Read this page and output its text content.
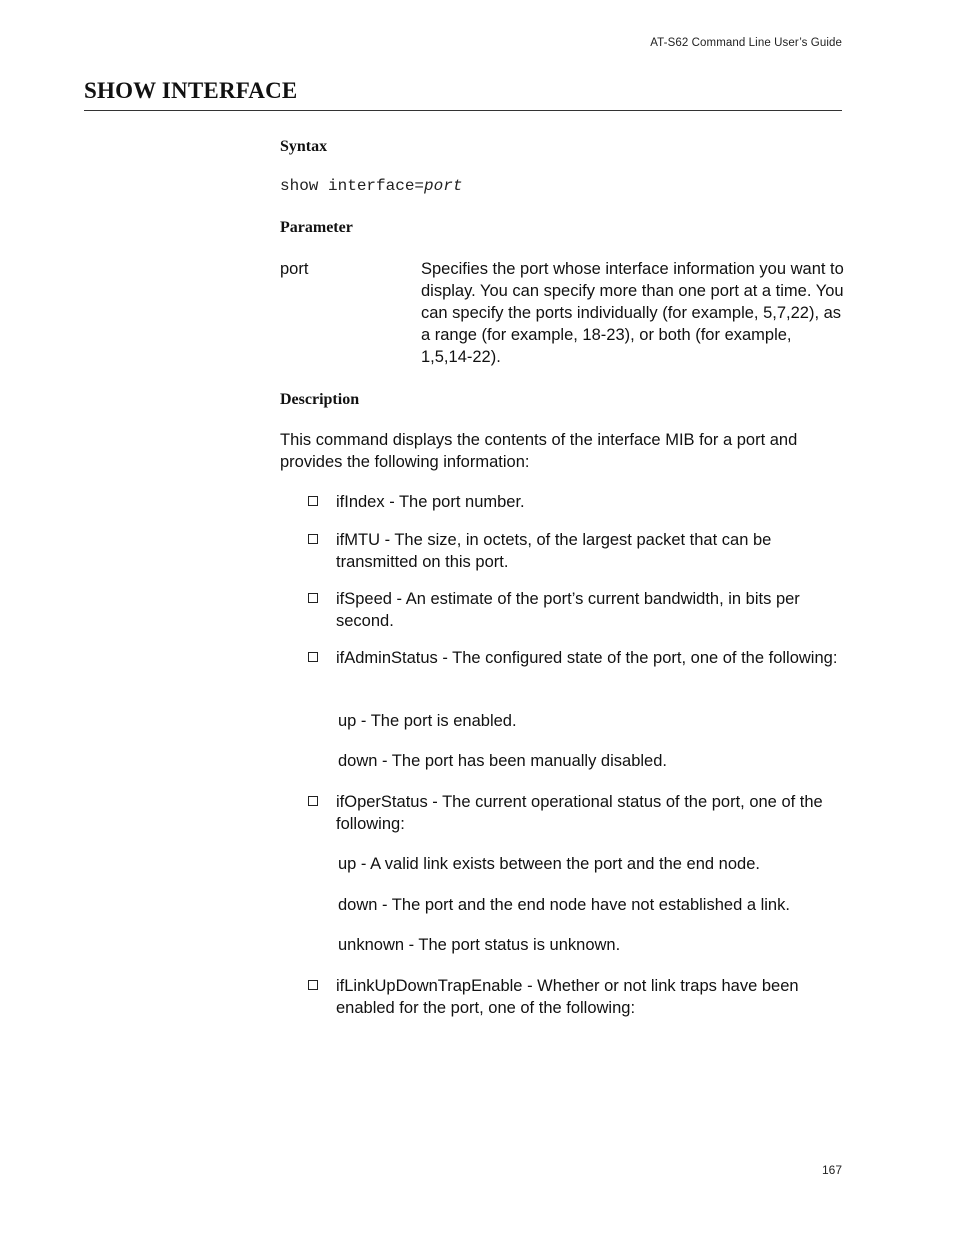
AT-S62 Command Line User’s Guide
SHOW INTERFACE
Syntax
show interface=port
Parameter
port	Specifies the port whose interface information you want to display. You can specify more than one port at a time. You can specify the ports individually (for example, 5,7,22), as a range (for example, 18-23), or both (for example, 1,5,14-22).
Description
This command displays the contents of the interface MIB for a port and provides the following information:
ifIndex - The port number.
ifMTU - The size, in octets, of the largest packet that can be transmitted on this port.
ifSpeed - An estimate of the port’s current bandwidth, in bits per second.
ifAdminStatus - The configured state of the port, one of the following:
up - The port is enabled.
down - The port has been manually disabled.
ifOperStatus - The current operational status of the port, one of the following:
up - A valid link exists between the port and the end node.
down - The port and the end node have not established a link.
unknown - The port status is unknown.
ifLinkUpDownTrapEnable - Whether or not link traps have been enabled for the port, one of the following:
167
